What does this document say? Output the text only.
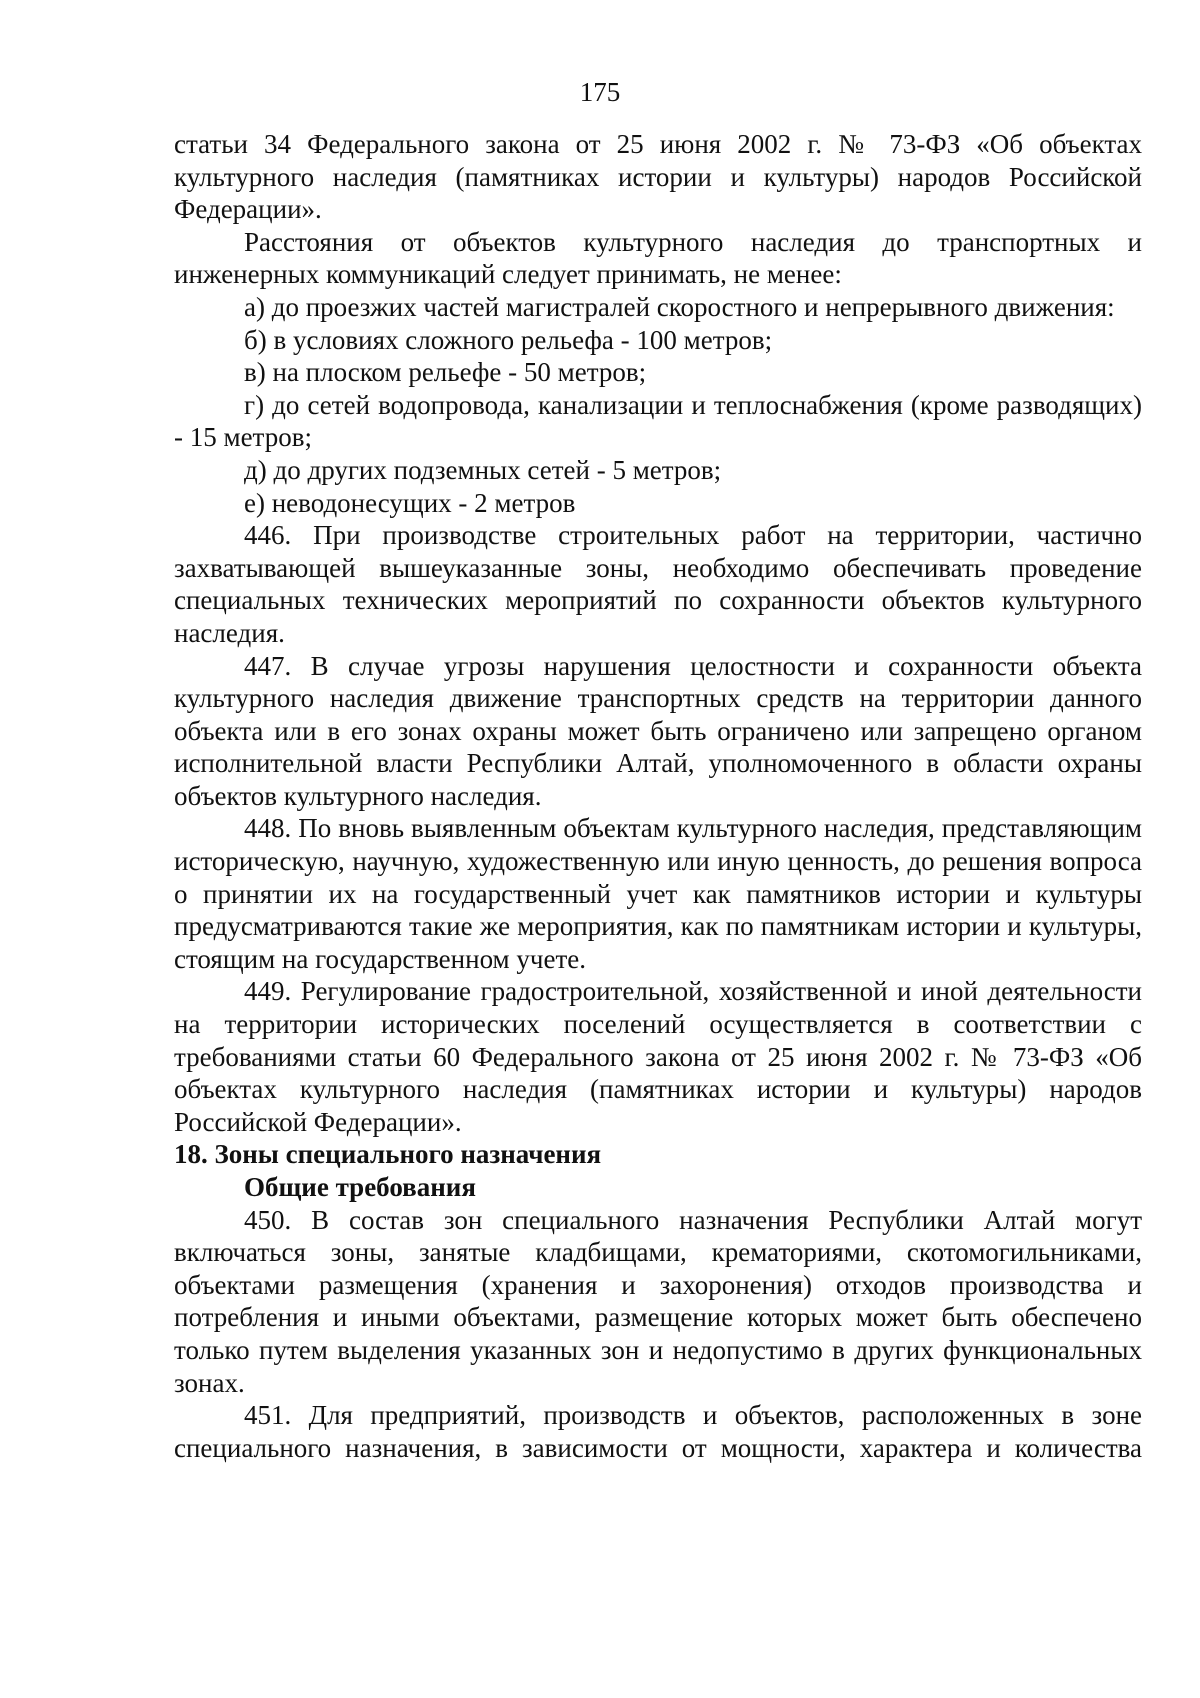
175

статьи 34 Федерального закона от 25 июня 2002 г. № 73-ФЗ «Об объектах культурного наследия (памятниках истории и культуры) народов Российской Федерации».

Расстояния от объектов культурного наследия до транспортных и инженерных коммуникаций следует принимать, не менее:

а) до проезжих частей магистралей скоростного и непрерывного движения:

б) в условиях сложного рельефа - 100 метров;

в) на плоском рельефе - 50 метров;

г) до сетей водопровода, канализации и теплоснабжения (кроме разводящих) - 15 метров;

д) до других подземных сетей - 5 метров;

е) неводонесущих - 2 метров

446. При производстве строительных работ на территории, частично захватывающей вышеуказанные зоны, необходимо обеспечивать проведение специальных технических мероприятий по сохранности объектов культурного наследия.

447. В случае угрозы нарушения целостности и сохранности объекта культурного наследия движение транспортных средств на территории данного объекта или в его зонах охраны может быть ограничено или запрещено органом исполнительной власти Республики Алтай, уполномоченного в области охраны объектов культурного наследия.

448. По вновь выявленным объектам культурного наследия, представляющим историческую, научную, художественную или иную ценность, до решения вопроса о принятии их на государственный учет как памятников истории и культуры предусматриваются такие же мероприятия, как по памятникам истории и культуры, стоящим на государственном учете.

449. Регулирование градостроительной, хозяйственной и иной деятельности на территории исторических поселений осуществляется в соответствии с требованиями статьи 60 Федерального закона от 25 июня 2002 г. № 73-ФЗ «Об объектах культурного наследия (памятниках истории и культуры) народов Российской Федерации».

18. Зоны специального назначения

Общие требования

450. В состав зон специального назначения Республики Алтай могут включаться зоны, занятые кладбищами, крематориями, скотомогильниками, объектами размещения (хранения и захоронения) отходов производства и потребления и иными объектами, размещение которых может быть обеспечено только путем выделения указанных зон и недопустимо в других функциональных зонах.

451. Для предприятий, производств и объектов, расположенных в зоне специального назначения, в зависимости от мощности, характера и количества
